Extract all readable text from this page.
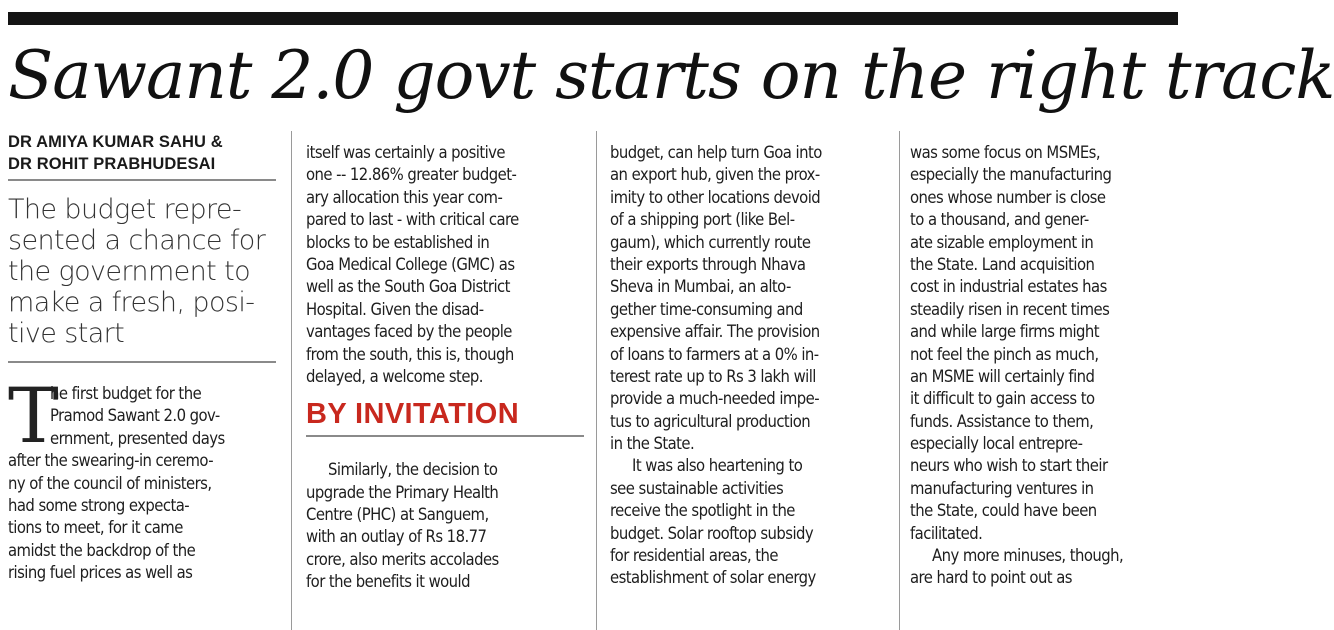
Sawant 2.0 govt starts on the right track
DR AMIYA KUMAR SAHU &
DR ROHIT PRABHUDESAI
The budget repre-
sented a chance for
the government to
make a fresh, posi-
tive start
T
he first budget for the
Pramod Sawant 2.0 gov-
ernment, presented days
after the swearing-in ceremo-
ny of the council of ministers,
had some strong expecta-
tions to meet, for it came
amidst the backdrop of the
rising fuel prices as well as
itself was certainly a positive
one -- 12.86% greater budget-
ary allocation this year com-
pared to last - with critical care
blocks to be established in
Goa Medical College (GMC) as
well as the South Goa District
Hospital. Given the disad-
vantages faced by the people
from the south, this is, though
delayed, a welcome step.
BY INVITATION
Similarly, the decision to
upgrade the Primary Health
Centre (PHC) at Sanguem,
with an outlay of Rs 18.77
crore, also merits accolades
for the benefits it would
budget, can help turn Goa into
an export hub, given the prox-
imity to other locations devoid
of a shipping port (like Bel-
gaum), which currently route
their exports through Nhava
Sheva in Mumbai, an alto-
gether time-consuming and
expensive affair. The provision
of loans to farmers at a 0% in-
terest rate up to Rs 3 lakh will
provide a much-needed impe-
tus to agricultural production
in the State.
It was also heartening to
see sustainable activities
receive the spotlight in the
budget. Solar rooftop subsidy
for residential areas, the
establishment of solar energy
was some focus on MSMEs,
especially the manufacturing
ones whose number is close
to a thousand, and gener-
ate sizable employment in
the State. Land acquisition
cost in industrial estates has
steadily risen in recent times
and while large firms might
not feel the pinch as much,
an MSME will certainly find
it difficult to gain access to
funds. Assistance to them,
especially local entrepre-
neurs who wish to start their
manufacturing ventures in
the State, could have been
facilitated.
Any more minuses, though,
are hard to point out as
